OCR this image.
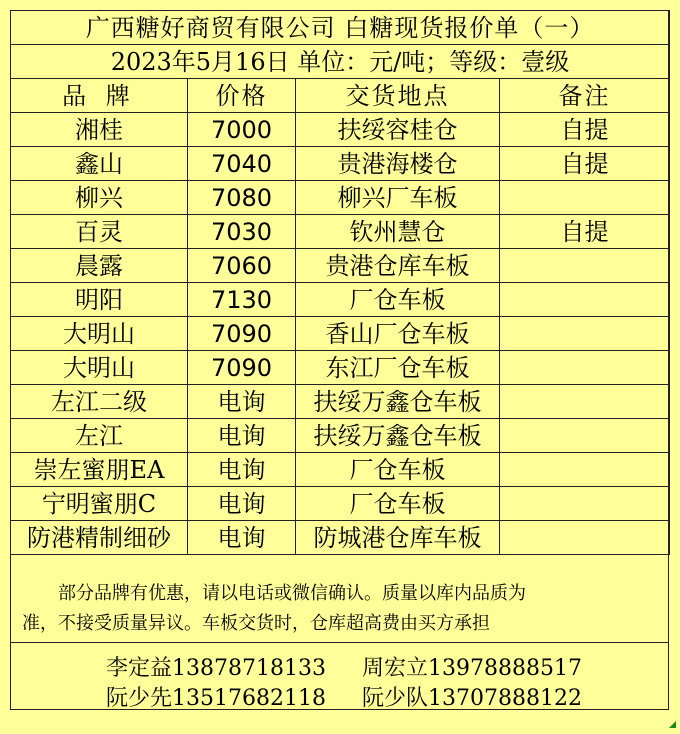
广西糖好商贸有限公司 白糖现货报价单（一）			
2023年5月16日 单位：元/吨；等级：壹级			
品 牌	价格	交货地点	备注
湘桂	7000	扶绥容桂仓	自提
鑫山	7040	贵港海楼仓	自提
柳兴	7080	柳兴厂车板	
百灵	7030	钦州慧仓	自提
晨露	7060	贵港仓库车板	
明阳	7130	厂仓车板	
大明山	7090	香山厂仓车板	
大明山	7090	东江厂仓车板	
左江二级	电询	扶绥万鑫仓车板	
左江	电询	扶绥万鑫仓车板	
崇左蜜朋EA	电询	厂仓车板	
宁明蜜朋C	电询	厂仓车板	
防港精制细砂	电询	防城港仓库车板	
部分品牌有优惠，请以电话或微信确认。质量以库内品质为
准，不接受质量异议。车板交货时，仓库超高费由买方承担
李定益13878718133 周宏立13978888517
阮少先13517682118 阮少队13707888122
